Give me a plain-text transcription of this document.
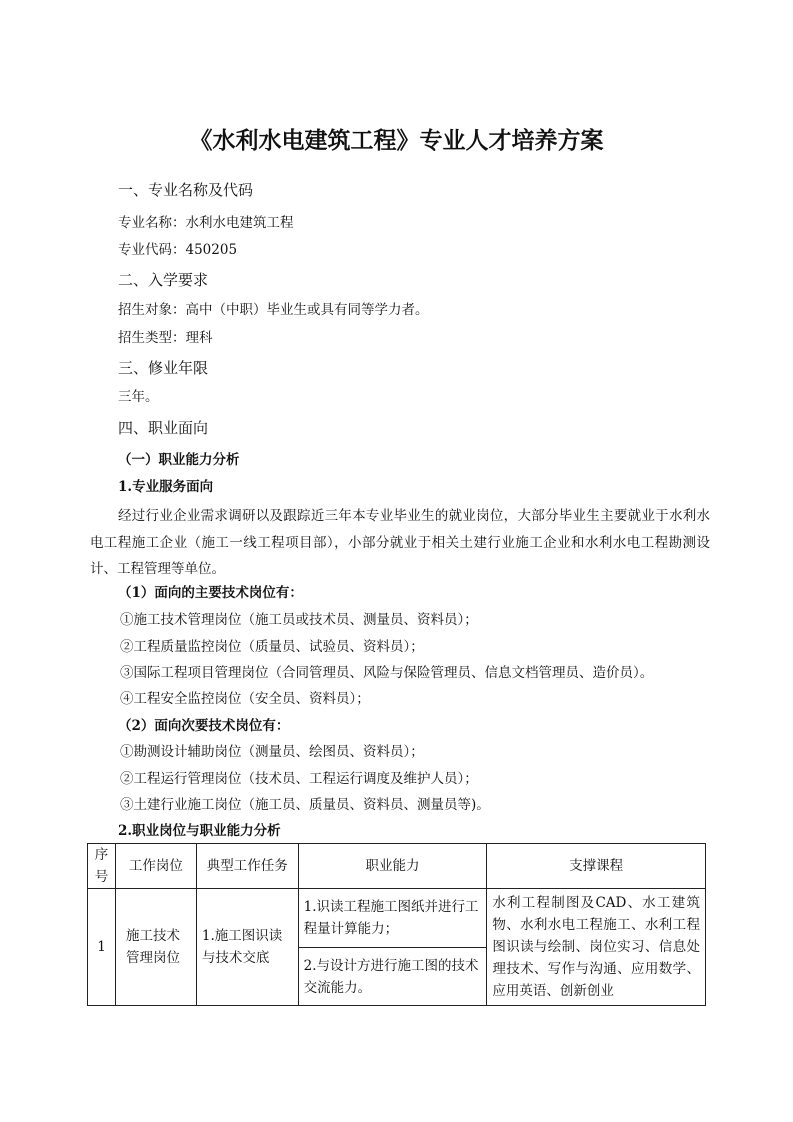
《水利水电建筑工程》专业人才培养方案
一、专业名称及代码
专业名称：水利水电建筑工程
专业代码：450205
二、入学要求
招生对象：高中（中职）毕业生或具有同等学力者。
招生类型：理科
三、修业年限
三年。
四、职业面向
（一）职业能力分析
1.专业服务面向
经过行业企业需求调研以及跟踪近三年本专业毕业生的就业岗位，大部分毕业生主要就业于水利水电工程施工企业（施工一线工程项目部），小部分就业于相关土建行业施工企业和水利水电工程勘测设计、工程管理等单位。
（1）面向的主要技术岗位有：
①施工技术管理岗位（施工员或技术员、测量员、资料员）；
②工程质量监控岗位（质量员、试验员、资料员）；
③国际工程项目管理岗位（合同管理员、风险与保险管理员、信息文档管理员、造价员）。
④工程安全监控岗位（安全员、资料员）；
（2）面向次要技术岗位有：
①勘测设计辅助岗位（测量员、绘图员、资料员）；
②工程运行管理岗位（技术员、工程运行调度及维护人员）；
③土建行业施工岗位（施工员、质量员、资料员、测量员等)。
2.职业岗位与职业能力分析
序号	工作岗位	典型工作任务	职业能力	支撑课程
1	施工技术管理岗位	1.施工图识读与技术交底	1.识读工程施工图纸并进行工程量计算能力；	水利工程制图及CAD、水工建筑物、水利水电工程施工、水利工程图识读与绘制、岗位实习、信息处理技术、写作与沟通、应用数学、应用英语、创新创业
			2.与设计方进行施工图的技术交流能力。	
